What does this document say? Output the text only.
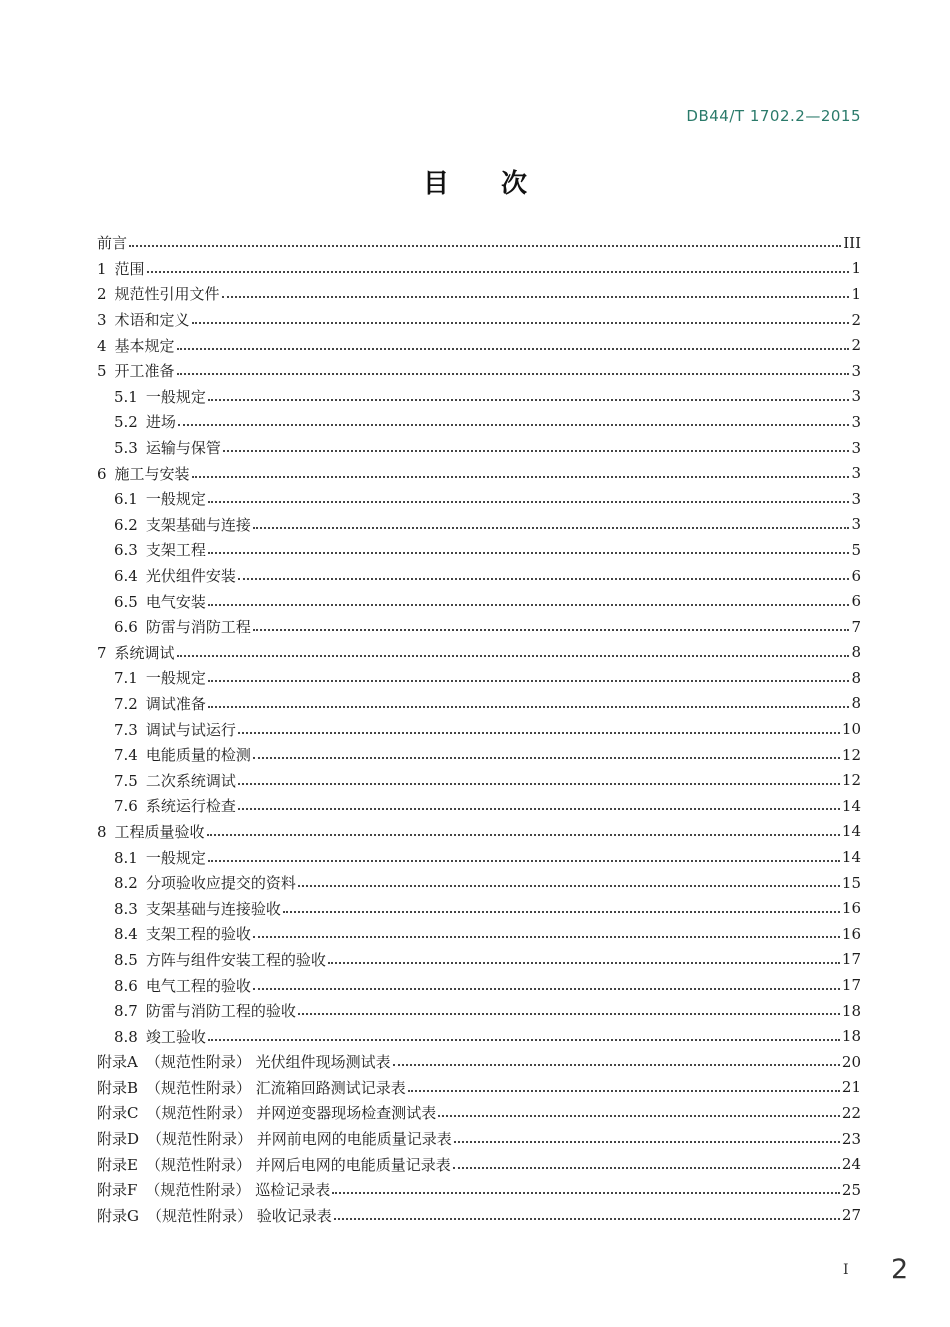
DB44/T 1702.2—2015
目 次
前言	III
1 范围	1
2 规范性引用文件	1
3 术语和定义	2
4 基本规定	2
5 开工准备	3
5.1 一般规定	3
5.2 进场	3
5.3 运输与保管	3
6 施工与安装	3
6.1 一般规定	3
6.2 支架基础与连接	3
6.3 支架工程	5
6.4 光伏组件安装	6
6.5 电气安装	6
6.6 防雷与消防工程	7
7 系统调试	8
7.1 一般规定	8
7.2 调试准备	8
7.3 调试与试运行	10
7.4 电能质量的检测	12
7.5 二次系统调试	12
7.6 系统运行检查	14
8 工程质量验收	14
8.1 一般规定	14
8.2 分项验收应提交的资料	15
8.3 支架基础与连接验收	16
8.4 支架工程的验收	16
8.5 方阵与组件安装工程的验收	17
8.6 电气工程的验收	17
8.7 防雷与消防工程的验收	18
8.8 竣工验收	18
附录A （规范性附录） 光伏组件现场测试表	20
附录B （规范性附录） 汇流箱回路测试记录表	21
附录C （规范性附录） 并网逆变器现场检查测试表	22
附录D （规范性附录） 并网前电网的电能质量记录表	23
附录E （规范性附录） 并网后电网的电能质量记录表	24
附录F （规范性附录） 巡检记录表	25
附录G （规范性附录） 验收记录表	27
I 2
